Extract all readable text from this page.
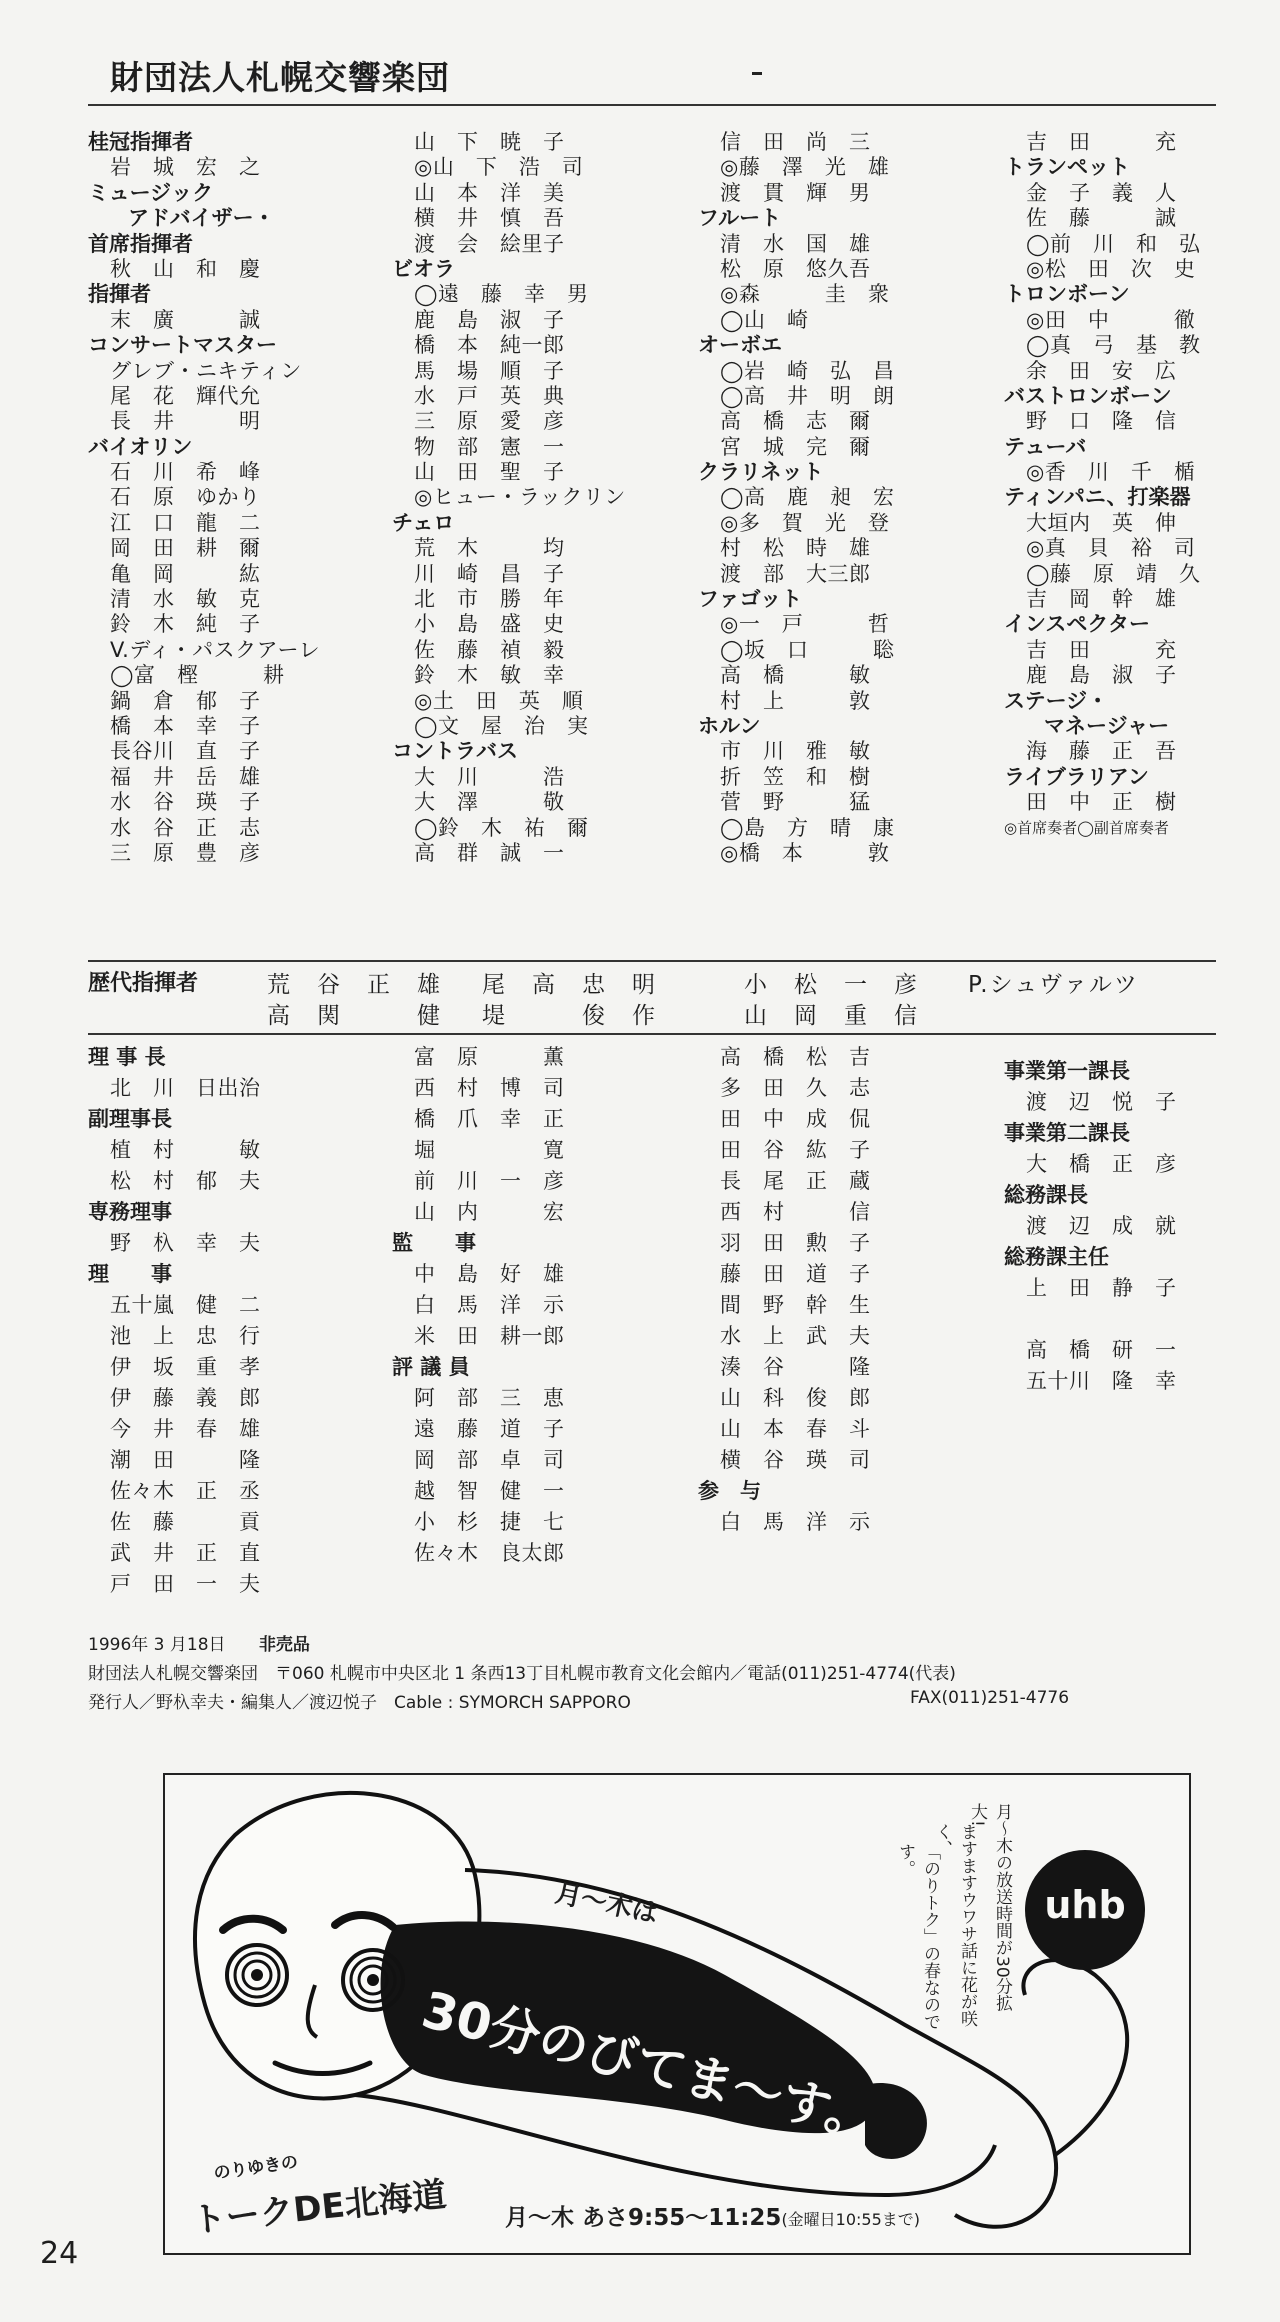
財団法人札幌交響楽団
桂冠指揮者
岩　城　宏　之
ミュージック
アドバイザー・
首席指揮者
秋　山　和　慶
指揮者
末　廣　　　誠
コンサートマスター
グレブ・ニキティン
尾　花　輝代允
長　井　　　明
バイオリン
石　川　希　峰
石　原　ゆかり
江　口　龍　二
岡　田　耕　爾
亀　岡　　　紘
清　水　敏　克
鈴　木　純　子
V.ディ・パスクアーレ
◯富　樫　　　耕
鍋　倉　郁　子
橋　本　幸　子
長谷川　直　子
福　井　岳　雄
水　谷　瑛　子
水　谷　正　志
三　原　豊　彦
山　下　暁　子
◎山　下　浩　司
山　本　洋　美
横　井　慎　吾
渡　会　絵里子
ビオラ
◯遠　藤　幸　男
鹿　島　淑　子
橋　本　純一郎
馬　場　順　子
水　戸　英　典
三　原　愛　彦
物　部　憲　一
山　田　聖　子
◎ヒュー・ラックリン
チェロ
荒　木　　　均
川　崎　昌　子
北　市　勝　年
小　島　盛　史
佐　藤　禎　毅
鈴　木　敏　幸
◎土　田　英　順
◯文　屋　治　実
コントラバス
大　川　　　浩
大　澤　　　敬
◯鈴　木　祐　爾
高　群　誠　一
信　田　尚　三
◎藤　澤　光　雄
渡　貫　輝　男
フルート
清　水　国　雄
松　原　悠久吾
◎森　　　圭　衆
◯山　崎　　　
オーボエ
◯岩　崎　弘　昌
◯高　井　明　朗
高　橋　志　爾
宮　城　完　爾
クラリネット
◯高　鹿　昶　宏
◎多　賀　光　登
村　松　時　雄
渡　部　大三郎
ファゴット
◎一　戸　　　哲
◯坂　口　　　聡
高　橋　　　敏
村　上　　　敦
ホルン
市　川　雅　敏
折　笠　和　樹
菅　野　　　猛
◯島　方　晴　康
◎橋　本　　　敦
吉　田　　　充
トランペット
金　子　義　人
佐　藤　　　誠
◯前　川　和　弘
◎松　田　次　史
トロンボーン
◎田　中　　　徹
◯真　弓　基　教
余　田　安　広
バストロンボーン
野　口　隆　信
テューバ
◎香　川　千　楯
ティンパニ、打楽器
大垣内　英　伸
◎真　貝　裕　司
◯藤　原　靖　久
吉　岡　幹　雄
インスペクター
吉　田　　　充
鹿　島　淑　子
ステージ・
マネージャー
海　藤　正　吾
ライブラリアン
田　中　正　樹
◎首席奏者◯副首席奏者
歴代指揮者	荒　谷　正　雄 尾　高　忠　明	小　松　一　彦 P.シュヴァルツ
高　関　　　健 堤　　　俊　作	山　岡　重　信
理 事 長
北　川　日出治
副理事長
植　村　　　敏
松　村　郁　夫
専務理事
野　杁　幸　夫
理　　事
五十嵐　健　二
池　上　忠　行
伊　坂　重　孝
伊　藤　義　郎
今　井　春　雄
潮　田　　　隆
佐々木　正　丞
佐　藤　　　貢
武　井　正　直
戸　田　一　夫
富　原　　　薫
西　村　博　司
橋　爪　幸　正
堀　　　　　寛
前　川　一　彦
山　内　　　宏
監　　事
中　島　好　雄
白　馬　洋　示
米　田　耕一郎
評 議 員
阿　部　三　恵
遠　藤　道　子
岡　部　卓　司
越　智　健　一
小　杉　捷　七
佐々木　良太郎
高　橋　松　吉
多　田　久　志
田　中　成　侃
田　谷　紘　子
長　尾　正　蔵
西　村　　　信
羽　田　勲　子
藤　田　道　子
間　野　幹　生
水　上　武　夫
湊　谷　　　隆
山　科　俊　郎
山　本　春　斗
横　谷　瑛　司
参　与
白　馬　洋　示
事業第一課長
渡　辺　悦　子
事業第二課長
大　橋　正　彦
総務課長
渡　辺　成　就
総務課主任
上　田　静　子
高　橋　研　一
五十川　隆　幸
1996年 3 月18日 非売品
財団法人札幌交響楽団　〒060 札幌市中央区北 1 条西13丁目札幌市教育文化会館内／電話(011)251-4774(代表)
発行人／野杁幸夫・編集人／渡辺悦子　Cable : SYMORCH SAPPORO	FAX(011)251-4776
月〜木は
30分のびてま〜す。
uhb
月〜木の放送時間が30分拡大!
ますますウワサ話に花が咲く、
「のりトク」の春なのです。
のりゆきの
トークDE北海道 月〜木 あさ9:55〜11:25(金曜日10:55まで)
24
